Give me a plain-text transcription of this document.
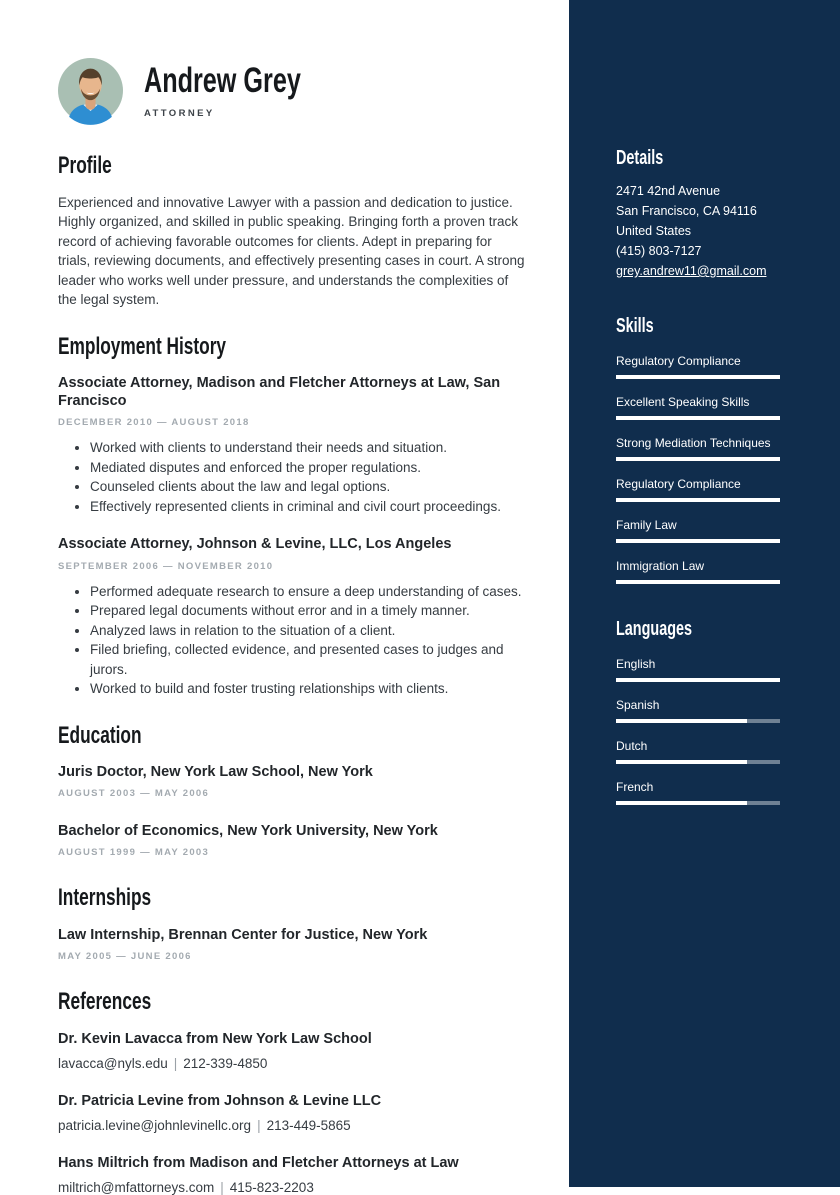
Andrew Grey
ATTORNEY
Profile

Experienced and innovative Lawyer with a passion and dedication to justice. Highly organized, and skilled in public speaking. Bringing forth a proven track record of achieving favorable outcomes for clients. Adept in preparing for trials, reviewing documents, and effectively presenting cases in court. A strong leader who works well under pressure, and understands the complexities of the legal system.

Employment History
Associate Attorney, Madison and Fletcher Attorneys at Law, San Francisco
DECEMBER 2010 — AUGUST 2018
• Worked with clients to understand their needs and situation.
• Mediated disputes and enforced the proper regulations.
• Counseled clients about the law and legal options.
• Effectively represented clients in criminal and civil court proceedings.
Associate Attorney, Johnson & Levine, LLC, Los Angeles
SEPTEMBER 2006 — NOVEMBER 2010
• Performed adequate research to ensure a deep understanding of cases.
• Prepared legal documents without error and in a timely manner.
• Analyzed laws in relation to the situation of a client.
• Filed briefing, collected evidence, and presented cases to judges and jurors.
• Worked to build and foster trusting relationships with clients.
Education
Juris Doctor, New York Law School, New York
AUGUST 2003 — MAY 2006
Bachelor of Economics, New York University, New York
AUGUST 1999 — MAY 2003
Internships
Law Internship, Brennan Center for Justice, New York
MAY 2005 — JUNE 2006
References
Dr. Kevin Lavacca from New York Law School
lavacca@nyls.edu | 212-339-4850
Dr. Patricia Levine from Johnson & Levine LLC
patricia.levine@johnlevinellc.org | 213-449-5865
Hans Miltrich from Madison and Fletcher Attorneys at Law
miltrich@mfattorneys.com | 415-823-2203
Details
2471 42nd Avenue
San Francisco, CA 94116
United States
(415) 803-7127
grey.andrew11@gmail.com
Skills
Regulatory Compliance
Excellent Speaking Skills
Strong Mediation Techniques
Regulatory Compliance
Family Law
Immigration Law
Languages
English
Spanish
Dutch
French
